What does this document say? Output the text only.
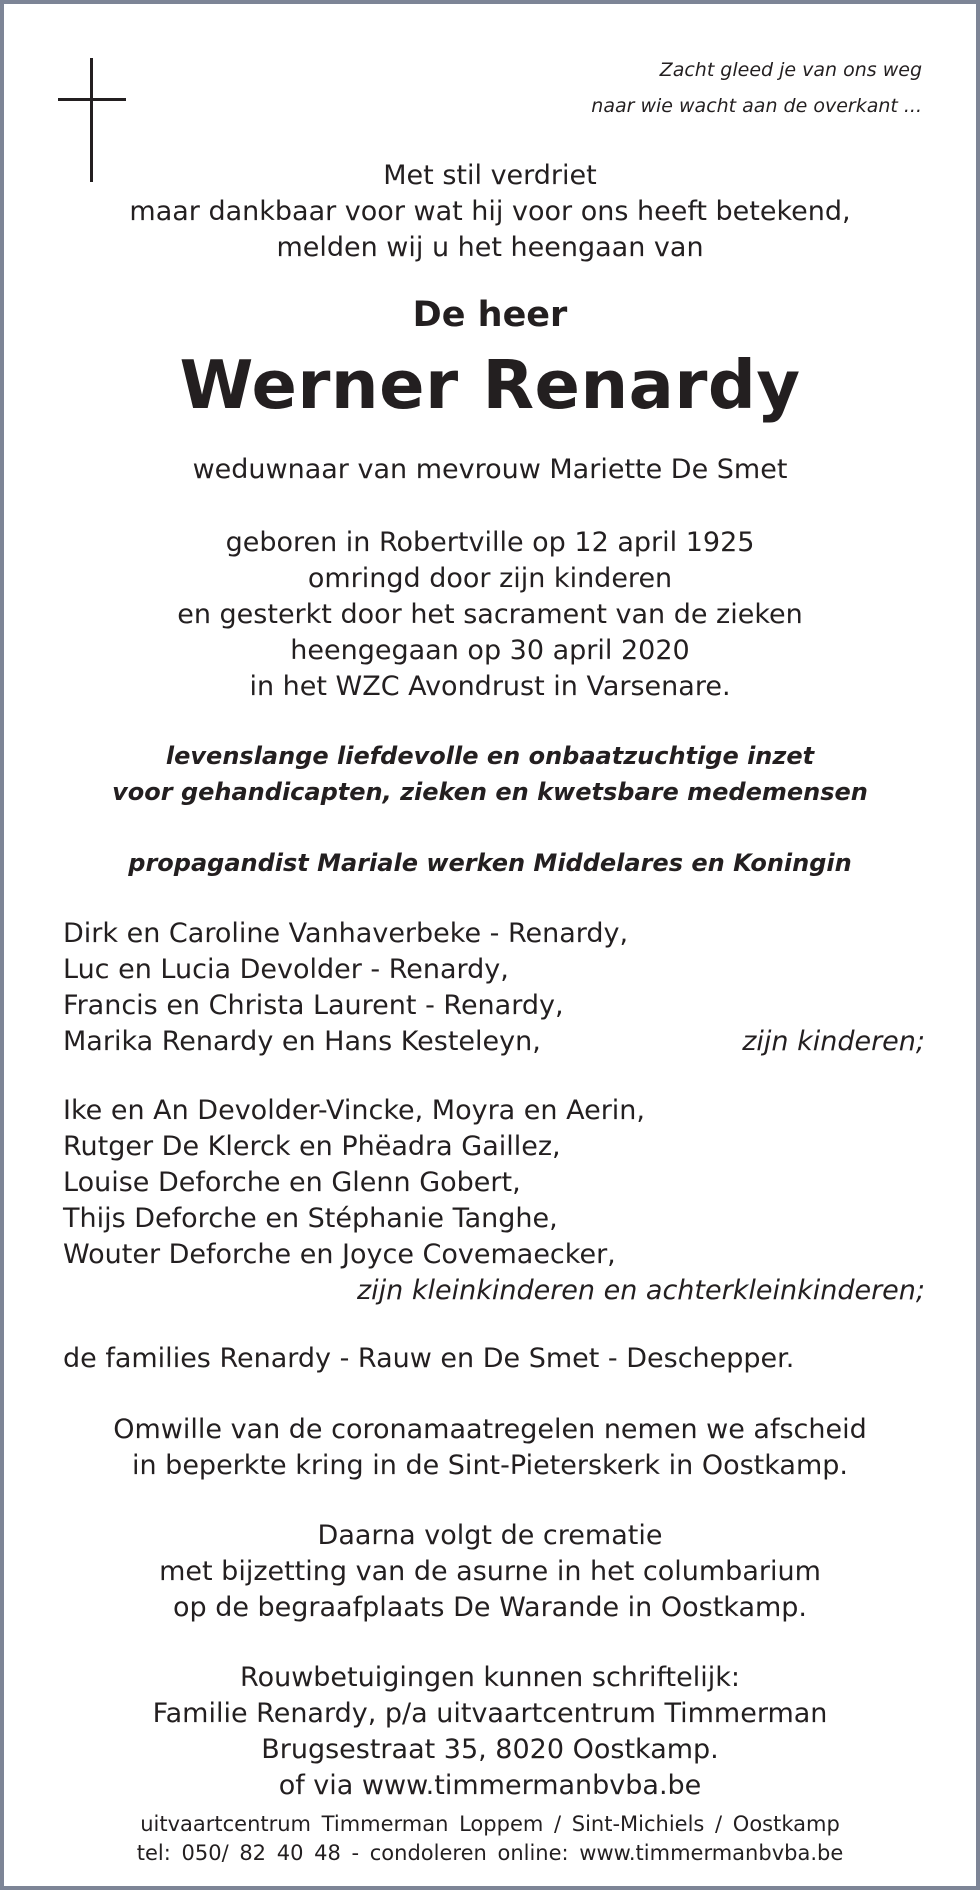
Zacht gleed je van ons weg
naar wie wacht aan de overkant ...
Met stil verdriet
maar dankbaar voor wat hij voor ons heeft betekend,
melden wij u het heengaan van
De heer
Werner Renardy
weduwnaar van mevrouw Mariette De Smet
geboren in Robertville op 12 april 1925
omringd door zijn kinderen
en gesterkt door het sacrament van de zieken
heengegaan op 30 april 2020
in het WZC Avondrust in Varsenare.
levenslange liefdevolle en onbaatzuchtige inzet
voor gehandicapten, zieken en kwetsbare medemensen
propagandist Mariale werken Middelares en Koningin
Dirk en Caroline Vanhaverbeke - Renardy,
Luc en Lucia Devolder - Renardy,
Francis en Christa Laurent - Renardy,
Marika Renardy en Hans Kesteleyn,	zijn kinderen;
Ike en An Devolder-Vincke, Moyra en Aerin,
Rutger De Klerck en Phëadra Gaillez,
Louise Deforche en Glenn Gobert,
Thijs Deforche en Stéphanie Tanghe,
Wouter Deforche en Joyce Covemaecker,
zijn kleinkinderen en achterkleinkinderen;
de families Renardy - Rauw en De Smet - Deschepper.
Omwille van de coronamaatregelen nemen we afscheid
in beperkte kring in de Sint-Pieterskerk in Oostkamp.
Daarna volgt de crematie
met bijzetting van de asurne in het columbarium
op de begraafplaats De Warande in Oostkamp.
Rouwbetuigingen kunnen schriftelijk:
Familie Renardy, p/a uitvaartcentrum Timmerman
Brugsestraat 35, 8020 Oostkamp.
of via www.timmermanbvba.be
uitvaartcentrum Timmerman Loppem / Sint-Michiels / Oostkamp
tel: 050/ 82 40 48 - condoleren online: www.timmermanbvba.be
